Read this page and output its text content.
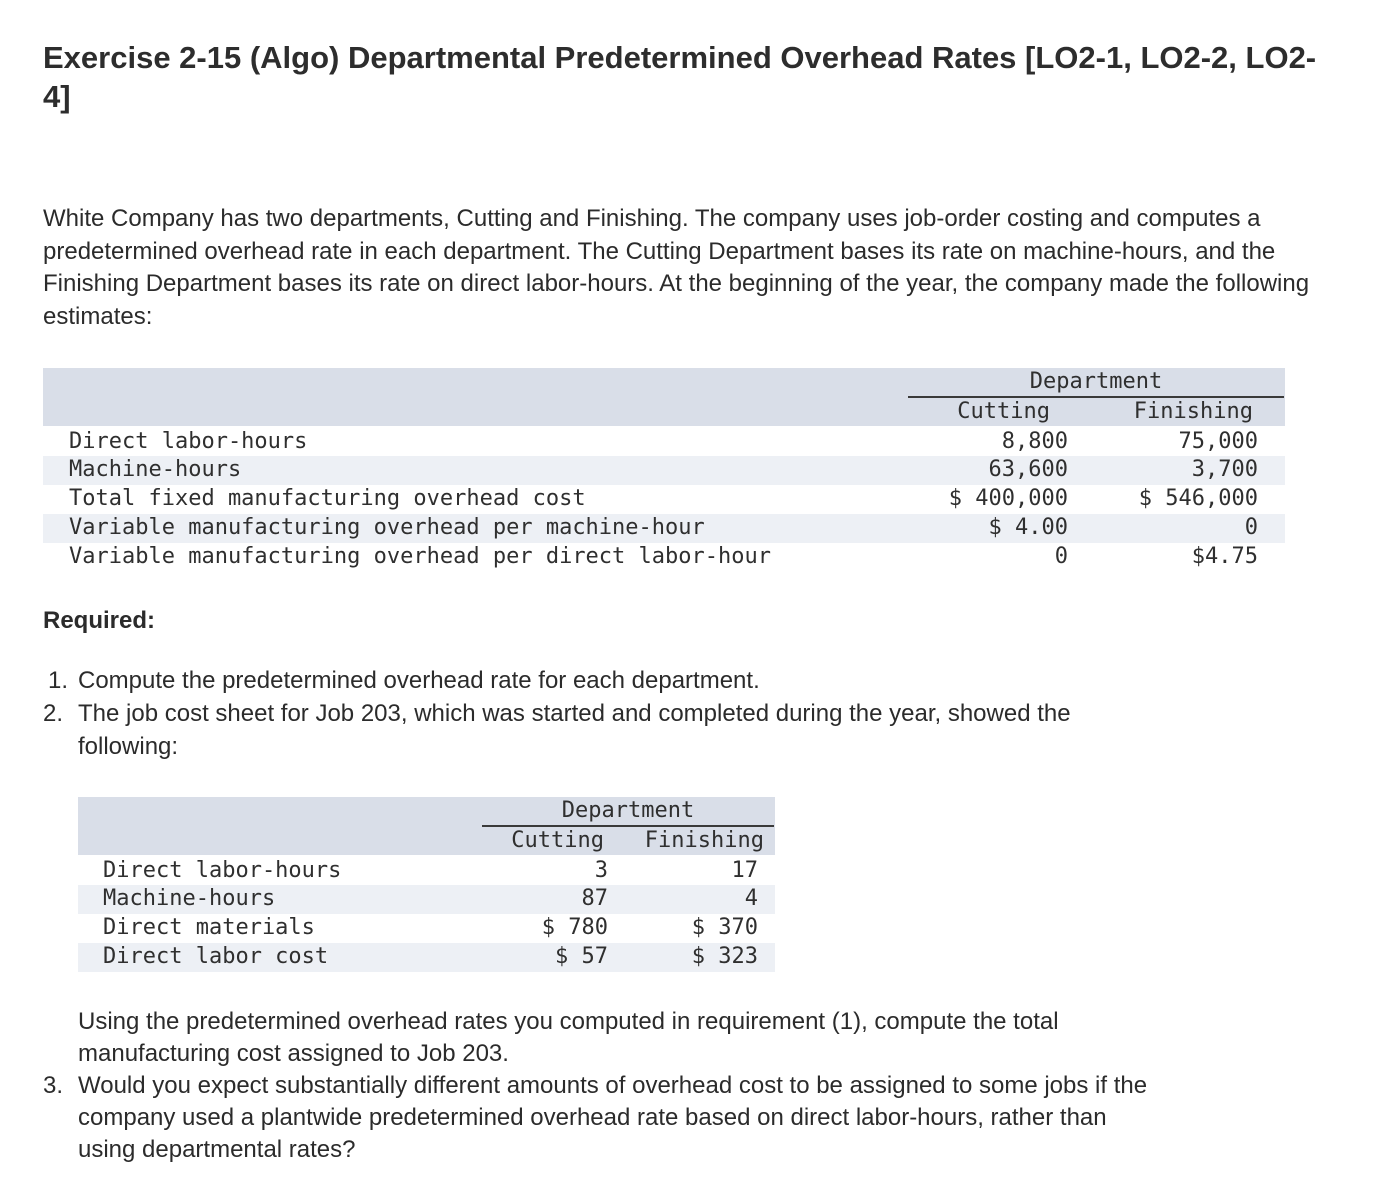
Exercise 2-15 (Algo) Departmental Predetermined Overhead Rates [LO2-1, LO2-2, LO2-4]

White Company has two departments, Cutting and Finishing. The company uses job-order costing and computes a predetermined overhead rate in each department. The Cutting Department bases its rate on machine-hours, and the Finishing Department bases its rate on direct labor-hours. At the beginning of the year, the company made the following estimates:

Department
Cutting	Finishing
Direct labor-hours	8,800	75,000
Machine-hours	63,600	3,700
Total fixed manufacturing overhead cost	$ 400,000	$ 546,000
Variable manufacturing overhead per machine-hour	$ 4.00	0
Variable manufacturing overhead per direct labor-hour	0	$4.75

Required:

1. Compute the predetermined overhead rate for each department.
2. The job cost sheet for Job 203, which was started and completed during the year, showed the
following:
Department
Cutting	Finishing
Direct labor-hours	3	17
Machine-hours	87	4
Direct materials	$ 780	$ 370
Direct labor cost	$ 57	$ 323
Using the predetermined overhead rates you computed in requirement (1), compute the total
manufacturing cost assigned to Job 203.
3. Would you expect substantially different amounts of overhead cost to be assigned to some jobs if the
company used a plantwide predetermined overhead rate based on direct labor-hours, rather than
using departmental rates?
